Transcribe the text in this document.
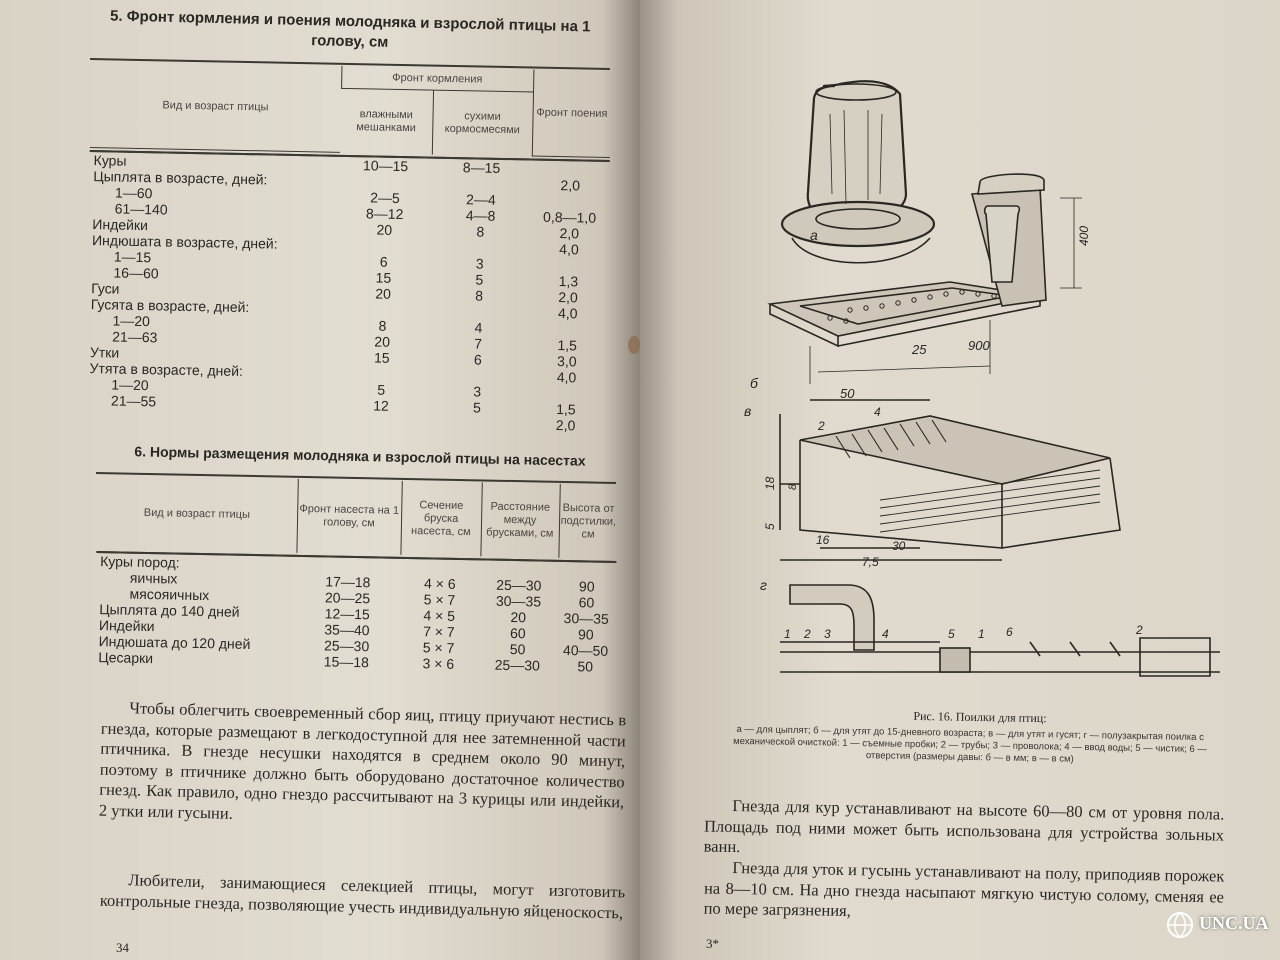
5. Фронт кормления и поения молодняка и взрослой птицы на 1 голову, см
Вид и возраст птицы	Фронт кормления		Фронт поения
	влажными мешанками	сухими кормосмесями	

Куры	10—15	8—15	
Цыплята в возрасте, дней:			2,0
1—60	2—5	2—4	
61—140	8—12	4—8	0,8—1,0
Индейки	20	8	2,0
Индюшата в возрасте, дней:			4,0
1—15	6	3	
16—60	15	5	1,3
Гуси	20	8	2,0
Гусята в возрасте, дней:			4,0
1—20	8	4	
21—63	20	7	1,5
Утки	15	6	3,0
Утята в возрасте, дней:			4,0
1—20	5	3	
21—55	12	5	1,5
			2,0
6. Нормы размещения молодняка и взрослой птицы на насестах
Вид и возраст птицы	Фронт насеста на 1 голову, см	Сечение бруска насеста, см	Расстояние между брусками, см	Высота от подстилки, см

Куры пород:				
яичных	17—18	4 × 6	25—30	90
мясояичных	20—25	5 × 7	30—35	60
Цыплята до 140 дней	12—15	4 × 5	20	30—35
Индейки	35—40	7 × 7	60	90
Индюшата до 120 дней	25—30	5 × 7	50	40—50
Цесарки	15—18	3 × 6	25—30	50
Чтобы облегчить своевременный сбор яиц, птицу приучают нестись в гнезда, которые размещают в легкодоступной для нее затемненной части птичника. В гнезде несушки находятся в среднем около 90 минут, поэтому в птичнике должно быть оборудовано достаточное количество гнезд. Как правило, одно гнездо рассчитывают на 3 курицы или индейки, 2 утки или гусыни.
Любители, занимающиеся селекцией птицы, могут изготовить контрольные гнезда, позволяющие учесть индивидуальную яйценоскость,
34
а	400
25	900
б
в
50
4
2
18 8
5
16	30
7,5
г
1 2 3	4	5 1 6	2
Рис. 16. Поилки для птиц:
а — для цыплят; б — для утят до 15-дневного возраста; в — для утят и гусят; г — полузакрытая поилка с механической очисткой: 1 — съемные пробки; 2 — трубы; 3 — проволока; 4 — ввод воды; 5 — чистик; 6 — отверстия (размеры давы: б — в мм; в — в см)
Гнезда для кур устанавливают на высоте 60—80 см от уровня пола. Площадь под ними может быть использована для устройства зольных ванн.
Гнезда для уток и гусынь устанавливают на полу, приподияв порожек на 8—10 см. На дно гнезда насыпают мягкую чистую солому, сменяя ее по мере загрязнения,
3*
UNC.UA
